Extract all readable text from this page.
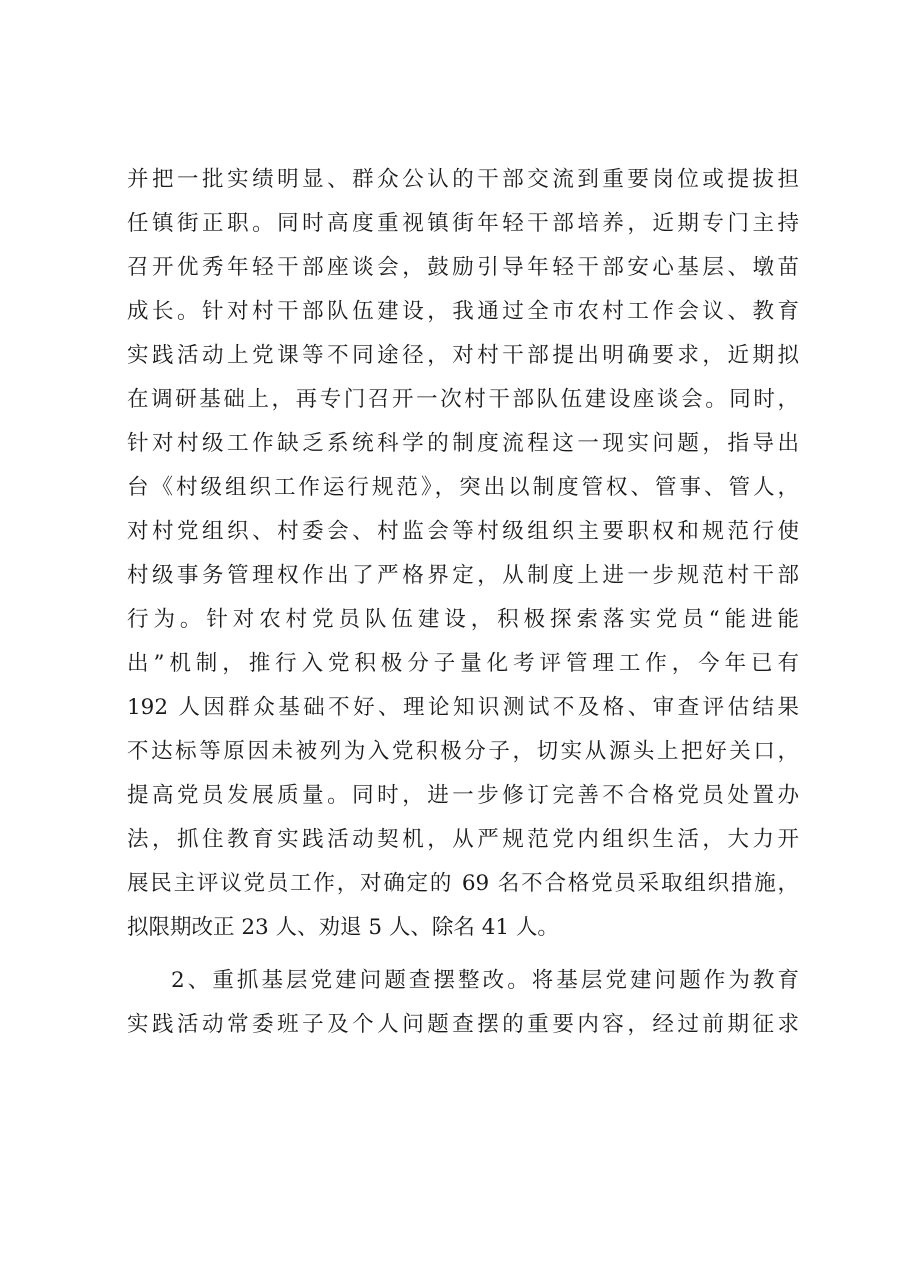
并把一批实绩明显、群众公认的干部交流到重要岗位或提拔担
任镇街正职。同时高度重视镇街年轻干部培养，近期专门主持
召开优秀年轻干部座谈会，鼓励引导年轻干部安心基层、墩苗
成长。针对村干部队伍建设，我通过全市农村工作会议、教育
实践活动上党课等不同途径，对村干部提出明确要求，近期拟
在调研基础上，再专门召开一次村干部队伍建设座谈会。同时，
针对村级工作缺乏系统科学的制度流程这一现实问题，指导出
台《村级组织工作运行规范》，突出以制度管权、管事、管人，
对村党组织、村委会、村监会等村级组织主要职权和规范行使
村级事务管理权作出了严格界定，从制度上进一步规范村干部
行为。针对农村党员队伍建设，积极探索落实党员“能进能
出”机制，推行入党积极分子量化考评管理工作，今年已有
192 人因群众基础不好、理论知识测试不及格、审查评估结果
不达标等原因未被列为入党积极分子，切实从源头上把好关口，
提高党员发展质量。同时，进一步修订完善不合格党员处置办
法，抓住教育实践活动契机，从严规范党内组织生活，大力开
展民主评议党员工作，对确定的 69 名不合格党员采取组织措施，
拟限期改正 23 人、劝退 5 人、除名 41 人。
2、重抓基层党建问题查摆整改。将基层党建问题作为教育
实践活动常委班子及个人问题查摆的重要内容，经过前期征求
